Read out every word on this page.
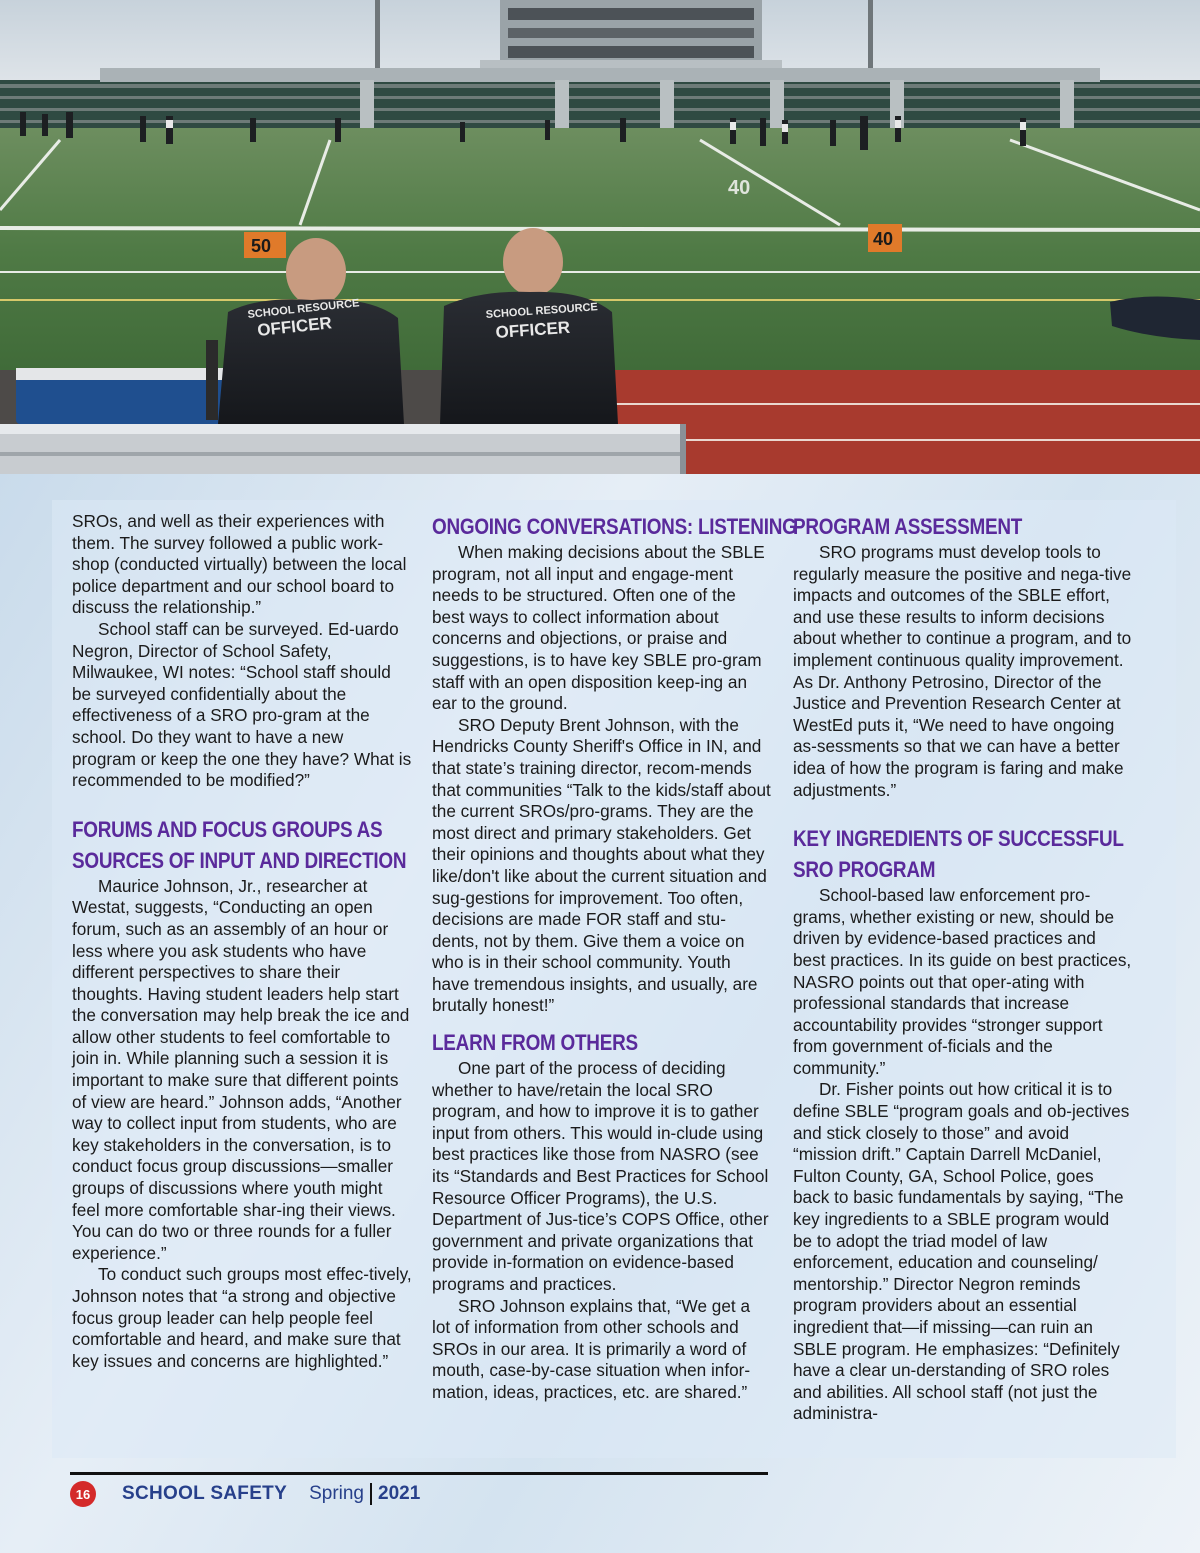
40
50	40
SCHOOL RESOURCE
OFFICER
SCHOOL RESOURCE
OFFICER

SROs, and well as their experiences with them. The survey followed a public work-shop (conducted virtually) between the local police department and our school board to discuss the relationship.”

School staff can be surveyed. Ed-uardo Negron, Director of School Safety, Milwaukee, WI notes: “School staff should be surveyed confidentially about the effectiveness of a SRO pro-gram at the school. Do they want to have a new program or keep the one they have? What is recommended to be modified?”

FORUMS AND FOCUS GROUPS AS
SOURCES OF INPUT AND DIRECTION

Maurice Johnson, Jr., researcher at Westat, suggests, “Conducting an open forum, such as an assembly of an hour or less where you ask students who have different perspectives to share their thoughts. Having student leaders help start the conversation may help break the ice and allow other students to feel comfortable to join in. While planning such a session it is important to make sure that different points of view are heard.” Johnson adds, “Another way to collect input from students, who are key stakeholders in the conversation, is to conduct focus group discussions—smaller groups of discussions where youth might feel more comfortable shar-ing their views. You can do two or three rounds for a fuller experience.”

To conduct such groups most effec-tively, Johnson notes that “a strong and objective focus group leader can help people feel comfortable and heard, and make sure that key issues and concerns are highlighted.”

ONGOING CONVERSATIONS: LISTENING

When making decisions about the SBLE program, not all input and engage-ment needs to be structured. Often one of the best ways to collect information about concerns and objections, or praise and suggestions, is to have key SBLE pro-gram staff with an open disposition keep-ing an ear to the ground.

SRO Deputy Brent Johnson, with the Hendricks County Sheriff's Office in IN, and that state’s training director, recom-mends that communities “Talk to the kids/staff about the current SROs/pro-grams. They are the most direct and primary stakeholders. Get their opinions and thoughts about what they like/don't like about the current situation and sug-gestions for improvement. Too often, decisions are made FOR staff and stu-dents, not by them. Give them a voice on who is in their school community. Youth have tremendous insights, and usually, are brutally honest!”

LEARN FROM OTHERS

One part of the process of deciding whether to have/retain the local SRO program, and how to improve it is to gather input from others. This would in-clude using best practices like those from NASRO (see its “Standards and Best Practices for School Resource Officer Programs), the U.S. Department of Jus-tice’s COPS Office, other government and private organizations that provide in-formation on evidence-based programs and practices.

SRO Johnson explains that, “We get a lot of information from other schools and SROs in our area. It is primarily a word of mouth, case-by-case situation when infor-mation, ideas, practices, etc. are shared.”

PROGRAM ASSESSMENT

SRO programs must develop tools to regularly measure the positive and nega-tive impacts and outcomes of the SBLE effort, and use these results to inform decisions about whether to continue a program, and to implement continuous quality improvement. As Dr. Anthony Petrosino, Director of the Justice and Prevention Research Center at WestEd puts it, “We need to have ongoing as-sessments so that we can have a better idea of how the program is faring and make adjustments.”

KEY INGREDIENTS OF SUCCESSFUL
SRO PROGRAM

School-based law enforcement pro-grams, whether existing or new, should be driven by evidence-based practices and best practices. In its guide on best practices, NASRO points out that oper-ating with professional standards that increase accountability provides “stronger support from government of-ficials and the community.”

Dr. Fisher points out how critical it is to define SBLE “program goals and ob-jectives and stick closely to those” and avoid “mission drift.” Captain Darrell McDaniel, Fulton County, GA, School Police, goes back to basic fundamentals by saying, “The key ingredients to a SBLE program would be to adopt the triad model of law enforcement, education and counseling/ mentorship.” Director Negron reminds program providers about an essential ingredient that—if missing—can ruin an SBLE program. He emphasizes: “Definitely have a clear un-derstanding of SRO roles and abilities. All school staff (not just the administra-

16	SCHOOL SAFETY Spring 2021
